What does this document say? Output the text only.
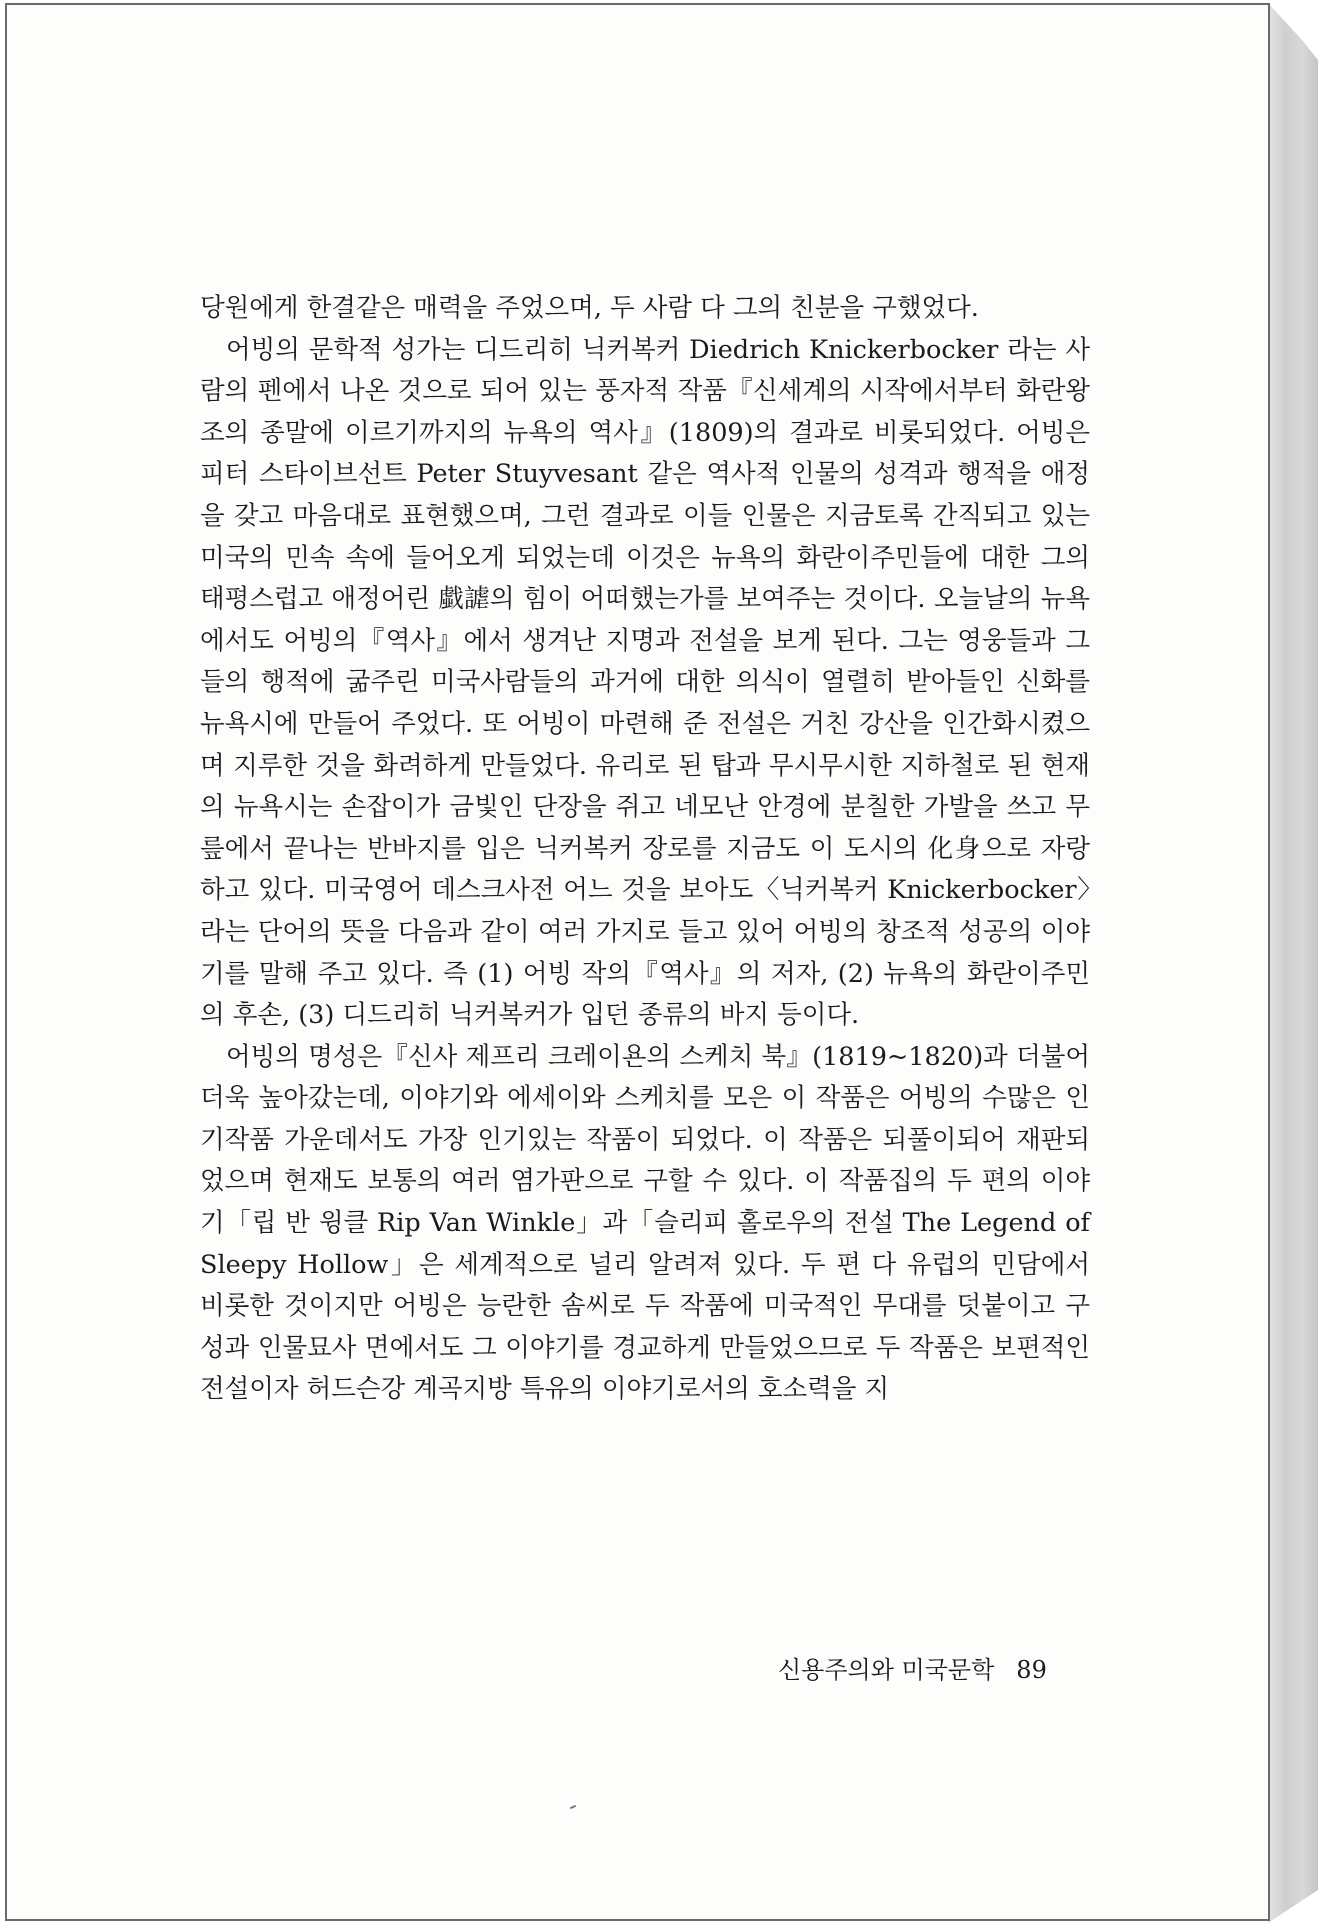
당원에게 한결같은 매력을 주었으며, 두 사람 다 그의 친분을 구했었다.

어빙의 문학적 성가는 디드리히 닉커복커 Diedrich Knickerbocker 라는 사람의 펜에서 나온 것으로 되어 있는 풍자적 작품『신세계의 시작에서부터 화란왕조의 종말에 이르기까지의 뉴욕의 역사』(1809)의 결과로 비롯되었다. 어빙은 피터 스타이브선트 Peter Stuyvesant 같은 역사적 인물의 성격과 행적을 애정을 갖고 마음대로 표현했으며, 그런 결과로 이들 인물은 지금토록 간직되고 있는 미국의 민속 속에 들어오게 되었는데 이것은 뉴욕의 화란이주민들에 대한 그의 태평스럽고 애정어린 戱謔의 힘이 어떠했는가를 보여주는 것이다. 오늘날의 뉴욕에서도 어빙의『역사』에서 생겨난 지명과 전설을 보게 된다. 그는 영웅들과 그들의 행적에 굶주린 미국사람들의 과거에 대한 의식이 열렬히 받아들인 신화를 뉴욕시에 만들어 주었다. 또 어빙이 마련해 준 전설은 거친 강산을 인간화시켰으며 지루한 것을 화려하게 만들었다. 유리로 된 탑과 무시무시한 지하철로 된 현재의 뉴욕시는 손잡이가 금빛인 단장을 쥐고 네모난 안경에 분칠한 가발을 쓰고 무릎에서 끝나는 반바지를 입은 닉커복커 장로를 지금도 이 도시의 化身으로 자랑하고 있다. 미국영어 데스크사전 어느 것을 보아도〈닉커복커 Knickerbocker〉라는 단어의 뜻을 다음과 같이 여러 가지로 들고 있어 어빙의 창조적 성공의 이야기를 말해 주고 있다. 즉 (1) 어빙 작의『역사』의 저자, (2) 뉴욕의 화란이주민의 후손, (3) 디드리히 닉커복커가 입던 종류의 바지 등이다.

어빙의 명성은『신사 제프리 크레이욘의 스케치 북』(1819~1820)과 더불어 더욱 높아갔는데, 이야기와 에세이와 스케치를 모은 이 작품은 어빙의 수많은 인기작품 가운데서도 가장 인기있는 작품이 되었다. 이 작품은 되풀이되어 재판되었으며 현재도 보통의 여러 염가판으로 구할 수 있다. 이 작품집의 두 편의 이야기「립 반 윙클 Rip Van Winkle」과「슬리피 홀로우의 전설 The Legend of Sleepy Hollow」은 세계적으로 널리 알려져 있다. 두 편 다 유럽의 민담에서 비롯한 것이지만 어빙은 능란한 솜씨로 두 작품에 미국적인 무대를 덧붙이고 구성과 인물묘사 면에서도 그 이야기를 경교하게 만들었으므로 두 작품은 보편적인 전설이자 허드슨강 계곡지방 특유의 이야기로서의 호소력을 지

신용주의와 미국문학 89
